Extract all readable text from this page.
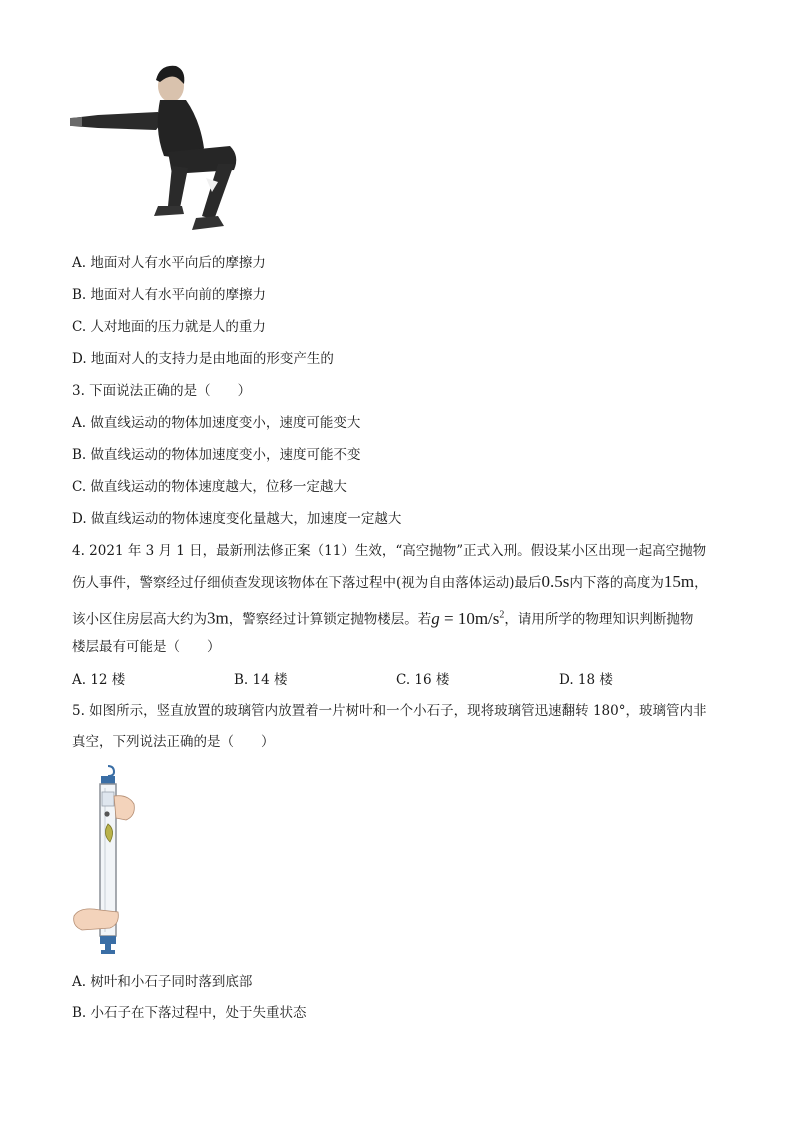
A. 地面对人有水平向后的摩擦力
B. 地面对人有水平向前的摩擦力
C. 人对地面的压力就是人的重力
D. 地面对人的支持力是由地面的形变产生的
3. 下面说法正确的是（　　）
A. 做直线运动的物体加速度变小，速度可能变大
B. 做直线运动的物体加速度变小，速度可能不变
C. 做直线运动的物体速度越大，位移一定越大
D. 做直线运动的物体速度变化量越大，加速度一定越大
4. 2021 年 3 月 1 日，最新刑法修正案（11）生效，“高空抛物”正式入刑。假设某小区出现一起高空抛物
伤人事件，警察经过仔细侦查发现该物体在下落过程中(视为自由落体运动)最后0.5s内下落的高度为15m，
该小区住房层高大约为3m，警察经过计算锁定抛物楼层。若$g = 10m/s^2$，请用所学的物理知识判断抛物
楼层最有可能是（　　）
A. 12 楼	B. 14 楼	C. 16 楼	D. 18 楼
5. 如图所示，竖直放置的玻璃管内放置着一片树叶和一个小石子，现将玻璃管迅速翻转 180°，玻璃管内非
真空，下列说法正确的是（　　）
A. 树叶和小石子同时落到底部
B. 小石子在下落过程中，处于失重状态
